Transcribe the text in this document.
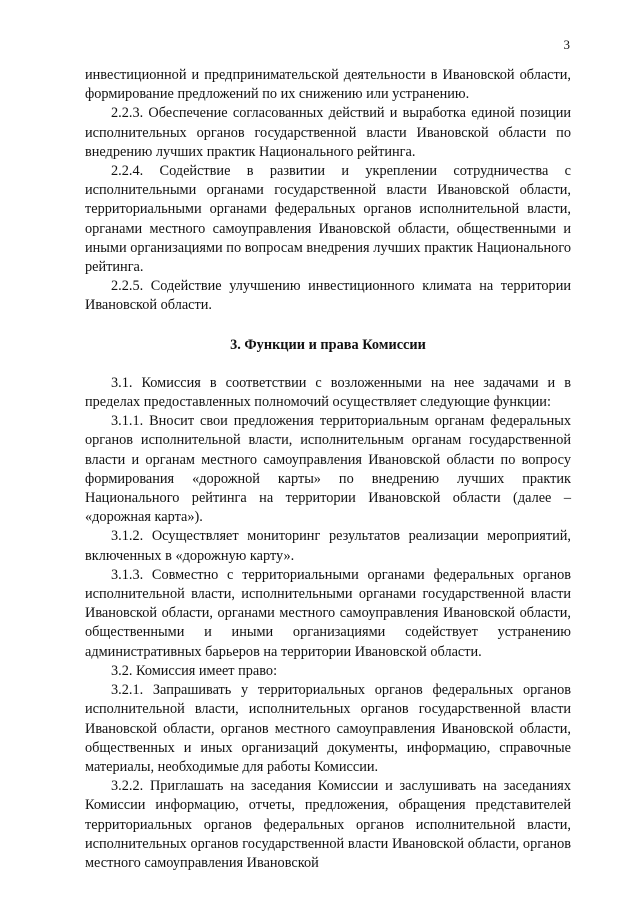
3

инвестиционной и предпринимательской деятельности в Ивановской области, формирование предложений по их снижению или устранению.

2.2.3. Обеспечение согласованных действий и выработка единой позиции исполнительных органов государственной власти Ивановской области по внедрению лучших практик Национального рейтинга.

2.2.4. Содействие в развитии и укреплении сотрудничества с исполнительными органами государственной власти Ивановской области, территориальными органами федеральных органов исполнительной власти, органами местного самоуправления Ивановской области, общественными и иными организациями по вопросам внедрения лучших практик Национального рейтинга.

2.2.5. Содействие улучшению инвестиционного климата на территории Ивановской области.

3. Функции и права Комиссии

3.1. Комиссия в соответствии с возложенными на нее задачами и в пределах предоставленных полномочий осуществляет следующие функции:

3.1.1. Вносит свои предложения территориальным органам федеральных органов исполнительной власти, исполнительным органам государственной власти и органам местного самоуправления Ивановской области по вопросу формирования «дорожной карты» по внедрению лучших практик Национального рейтинга на территории Ивановской области (далее – «дорожная карта»).

3.1.2. Осуществляет мониторинг результатов реализации мероприятий, включенных в «дорожную карту».

3.1.3. Совместно с территориальными органами федеральных органов исполнительной власти, исполнительными органами государственной власти Ивановской области, органами местного самоуправления Ивановской области, общественными и иными организациями содействует устранению административных барьеров на территории Ивановской области.

3.2. Комиссия имеет право:

3.2.1. Запрашивать у территориальных органов федеральных органов исполнительной власти, исполнительных органов государственной власти Ивановской области, органов местного самоуправления Ивановской области, общественных и иных организаций документы, информацию, справочные материалы, необходимые для работы Комиссии.

3.2.2. Приглашать на заседания Комиссии и заслушивать на заседаниях Комиссии информацию, отчеты, предложения, обращения представителей территориальных органов федеральных органов исполнительной власти, исполнительных органов государственной власти Ивановской области, органов местного самоуправления Ивановской
